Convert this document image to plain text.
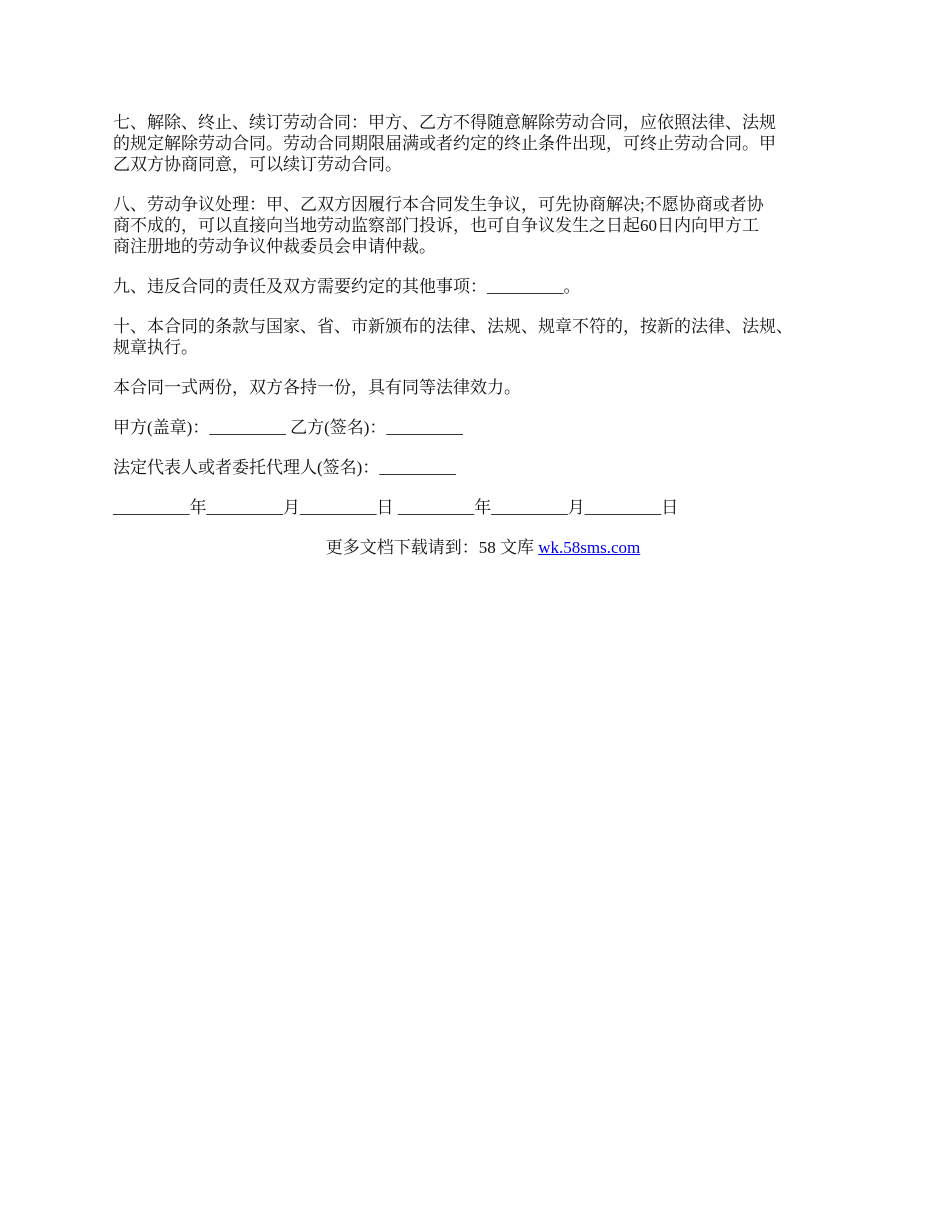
七、解除、终止、续订劳动合同：甲方、乙方不得随意解除劳动合同，应依照法律、法规
的规定解除劳动合同。劳动合同期限届满或者约定的终止条件出现，可终止劳动合同。甲
乙双方协商同意，可以续订劳动合同。

八、劳动争议处理：甲、乙双方因履行本合同发生争议，可先协商解决;不愿协商或者协
商不成的，可以直接向当地劳动监察部门投诉，也可自争议发生之日起60日内向甲方工
商注册地的劳动争议仲裁委员会申请仲裁。

九、违反合同的责任及双方需要约定的其他事项：_________。

十、本合同的条款与国家、省、市新颁布的法律、法规、规章不符的，按新的法律、法规、
规章执行。

本合同一式两份，双方各持一份，具有同等法律效力。

甲方(盖章)：_________ 乙方(签名)：_________

法定代表人或者委托代理人(签名)：_________

_________年_________月_________日 _________年_________月_________日

更多文档下载请到：58 文库 wk.58sms.com
